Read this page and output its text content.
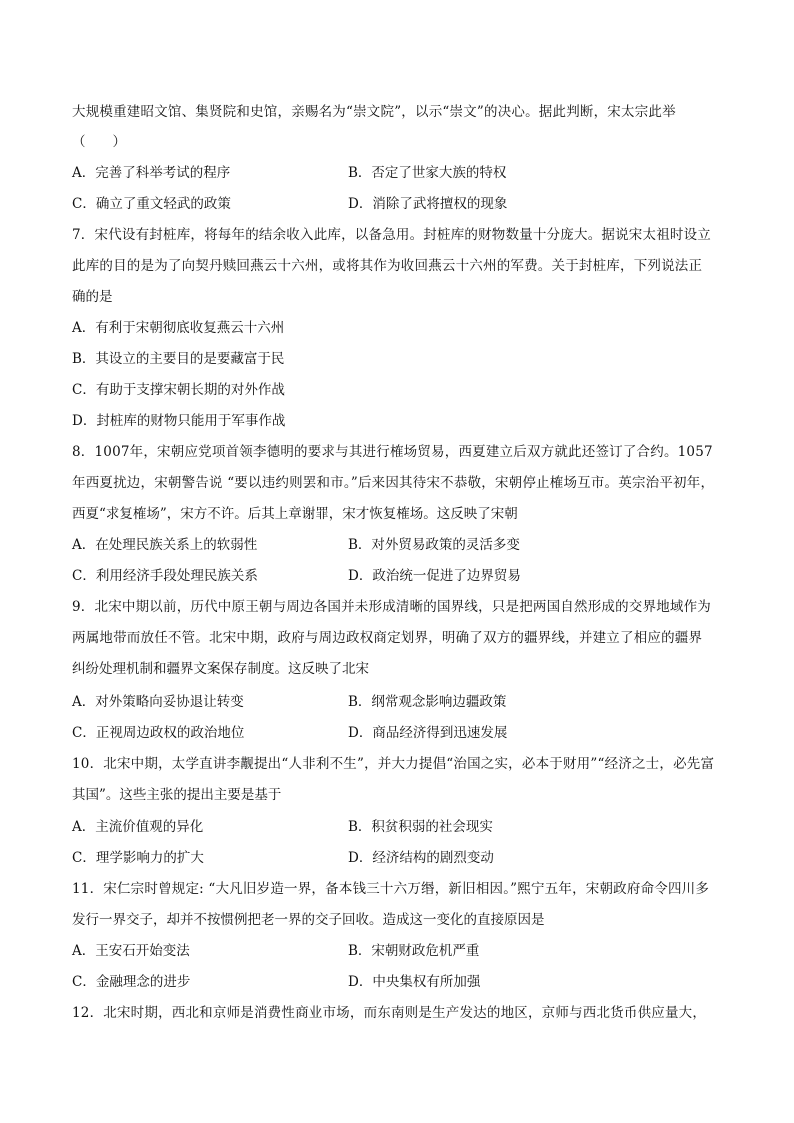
大规模重建昭文馆、集贤院和史馆，亲赐名为“崇文院”，以示“崇文”的决心。据此判断，宋太宗此举
（　　）
A．完善了科举考试的程序	B．否定了世家大族的特权
C．确立了重文轻武的政策	D．消除了武将擅权的现象
7．宋代设有封桩库，将每年的结余收入此库，以备急用。封桩库的财物数量十分庞大。据说宋太祖时设立
此库的目的是为了向契丹赎回燕云十六州，或将其作为收回燕云十六州的军费。关于封桩库，下列说法正
确的是
A．有利于宋朝彻底收复燕云十六州
B．其设立的主要目的是要藏富于民
C．有助于支撑宋朝长期的对外作战
D．封桩库的财物只能用于军事作战
8．1007年，宋朝应党项首领李德明的要求与其进行榷场贸易，西夏建立后双方就此还签订了合约。1057
年西夏扰边，宋朝警告说 “要以违约则罢和市。”后来因其待宋不恭敬，宋朝停止榷场互市。英宗治平初年，
西夏“求复榷场”，宋方不许。后其上章谢罪，宋才恢复榷场。这反映了宋朝
A．在处理民族关系上的软弱性	B．对外贸易政策的灵活多变
C．利用经济手段处理民族关系	D．政治统一促进了边界贸易
9．北宋中期以前，历代中原王朝与周边各国并未形成清晰的国界线，只是把两国自然形成的交界地域作为
两属地带而放任不管。北宋中期，政府与周边政权商定划界，明确了双方的疆界线，并建立了相应的疆界
纠纷处理机制和疆界文案保存制度。这反映了北宋
A．对外策略向妥协退让转变	B．纲常观念影响边疆政策
C．正视周边政权的政治地位	D．商品经济得到迅速发展
10．北宋中期，太学直讲李觏提出“人非利不生”，并大力提倡“治国之实，必本于财用”“经济之士，必先富
其国”。这些主张的提出主要是基于
A．主流价值观的异化	B．积贫积弱的社会现实
C．理学影响力的扩大	D．经济结构的剧烈变动
11．宋仁宗时曾规定: “大凡旧岁造一界，备本钱三十六万缗，新旧相因。”熙宁五年，宋朝政府命令四川多
发行一界交子，却并不按惯例把老一界的交子回收。造成这一变化的直接原因是
A．王安石开始变法	B．宋朝财政危机严重
C．金融理念的进步	D．中央集权有所加强
12．北宋时期，西北和京师是消费性商业市场，而东南则是生产发达的地区，京师与西北货币供应量大，
